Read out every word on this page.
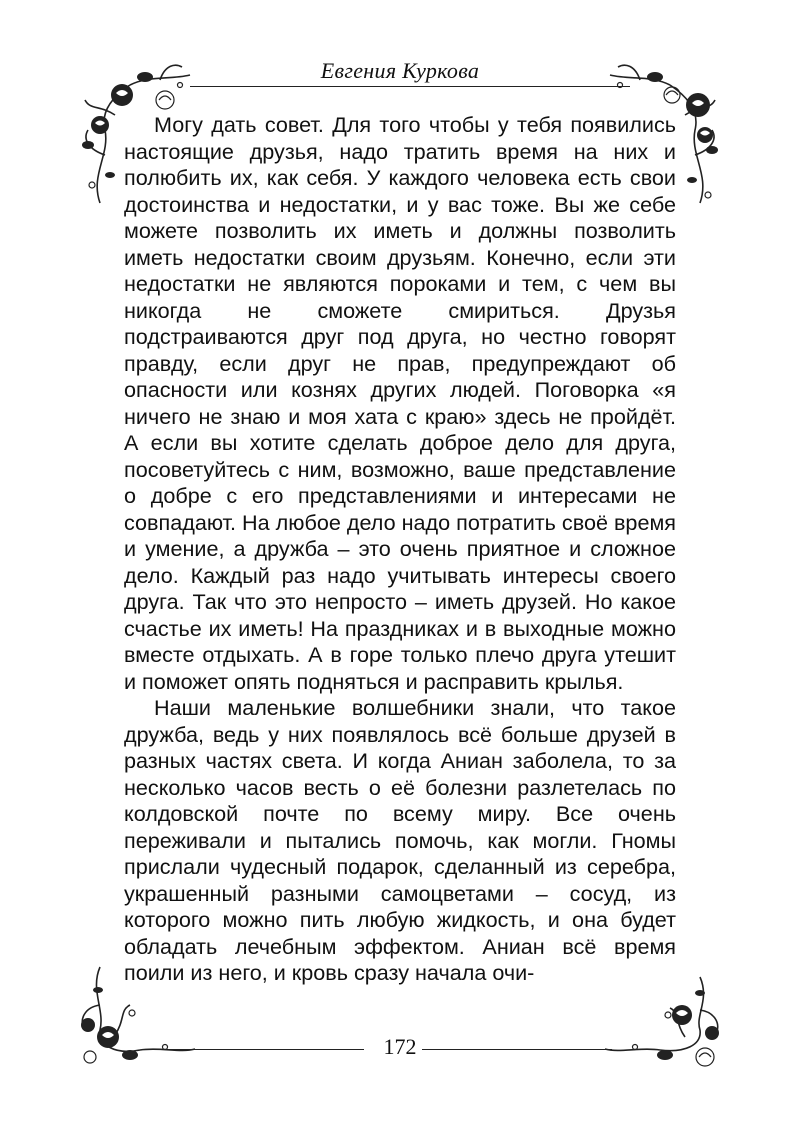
Евгения Куркова

Могу дать совет. Для того чтобы у тебя появились настоящие друзья, надо тратить время на них и полюбить их, как себя. У каждого человека есть свои достоинства и недостатки, и у вас тоже. Вы же себе можете позволить их иметь и должны позволить иметь недостатки своим друзьям. Конечно, если эти недостатки не являются пороками и тем, с чем вы никогда не сможете смириться. Друзья подстраиваются друг под друга, но честно говорят правду, если друг не прав, предупреждают об опасности или кознях других людей. Поговорка «я ничего не знаю и моя хата с краю» здесь не пройдёт. А если вы хотите сделать доброе дело для друга, посоветуйтесь с ним, возможно, ваше представление о добре с его представлениями и интересами не совпадают. На любое дело надо потратить своё время и умение, а дружба – это очень приятное и сложное дело. Каждый раз надо учитывать интересы своего друга. Так что это непросто – иметь друзей. Но какое счастье их иметь! На праздниках и в выходные можно вместе отдыхать. А в горе только плечо друга утешит и поможет опять подняться и расправить крылья.

Наши маленькие волшебники знали, что такое дружба, ведь у них появлялось всё больше друзей в разных частях света. И когда Аниан заболела, то за несколько часов весть о её болезни разлетелась по колдовской почте по всему миру. Все очень переживали и пытались помочь, как могли. Гномы прислали чудесный подарок, сделанный из серебра, украшенный разными самоцветами – сосуд, из которого можно пить любую жидкость, и она будет обладать лечебным эффектом. Аниан всё время поили из него, и кровь сразу начала очи-

172
